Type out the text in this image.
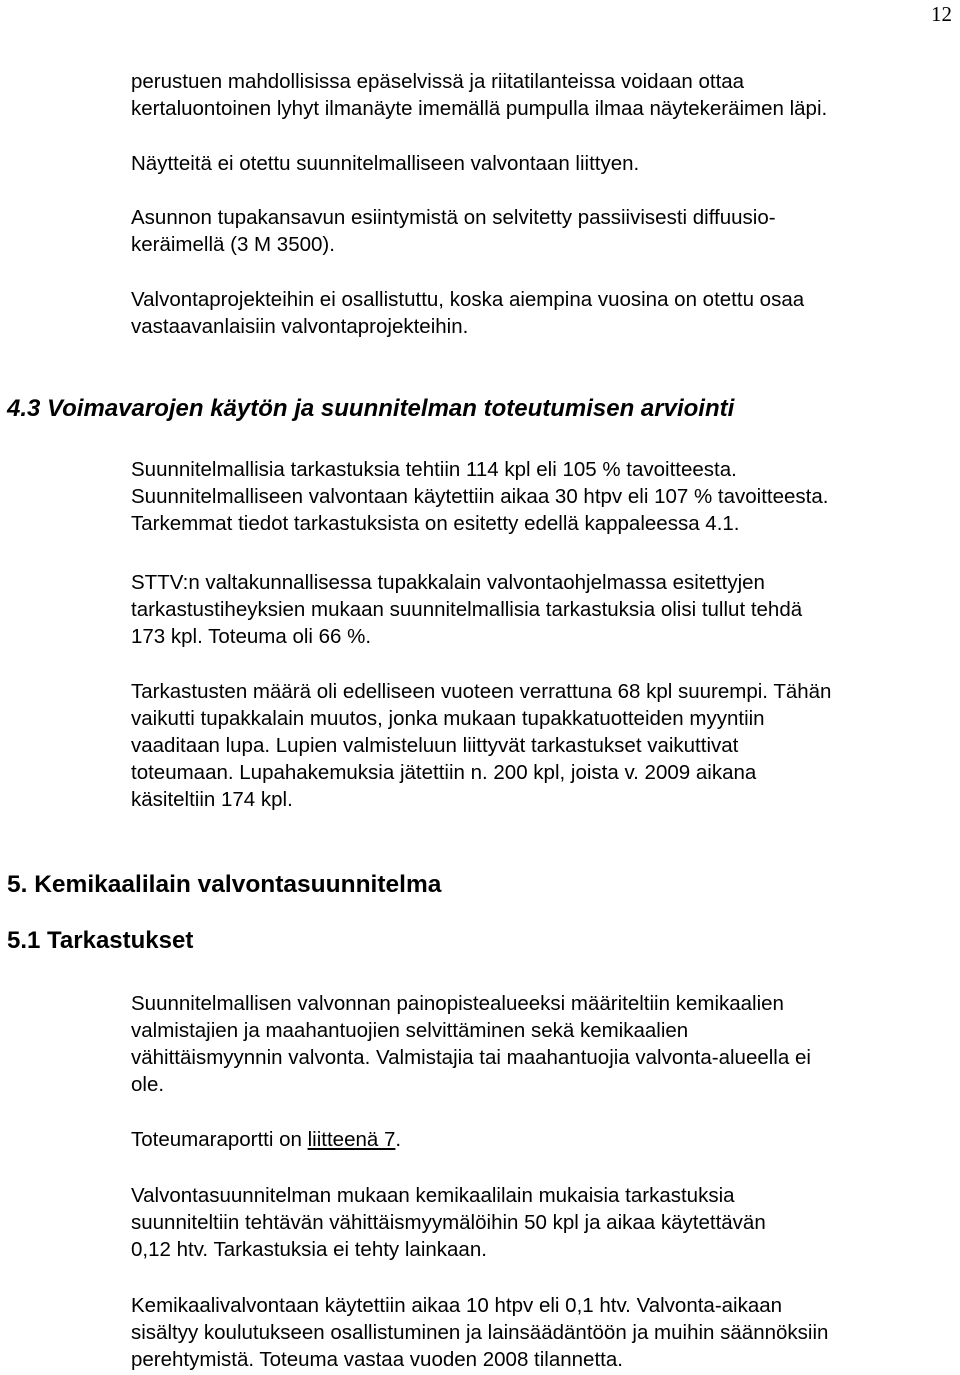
12

perustuen mahdollisissa epäselvissä ja riitatilanteissa voidaan ottaa
kertaluontoinen lyhyt ilmanäyte imemällä pumpulla ilmaa näytekeräimen läpi.

Näytteitä ei otettu suunnitelmalliseen valvontaan liittyen.

Asunnon tupakansavun esiintymistä on selvitetty passiivisesti diffuusio-
keräimellä (3 M 3500).

Valvontaprojekteihin ei osallistuttu, koska aiempina vuosina on otettu osaa
vastaavanlaisiin valvontaprojekteihin.

4.3 Voimavarojen käytön ja suunnitelman toteutumisen arviointi

Suunnitelmallisia tarkastuksia tehtiin 114 kpl eli 105 % tavoitteesta.
Suunnitelmalliseen valvontaan käytettiin aikaa 30 htpv eli 107 % tavoitteesta.
Tarkemmat tiedot tarkastuksista on esitetty edellä kappaleessa 4.1.

STTV:n valtakunnallisessa tupakkalain valvontaohjelmassa esitettyjen
tarkastustiheyksien mukaan suunnitelmallisia tarkastuksia olisi tullut tehdä
173 kpl. Toteuma oli 66 %.

Tarkastusten määrä oli edelliseen vuoteen verrattuna 68 kpl suurempi. Tähän
vaikutti tupakkalain muutos, jonka mukaan tupakkatuotteiden myyntiin
vaaditaan lupa. Lupien valmisteluun liittyvät tarkastukset vaikuttivat
toteumaan. Lupahakemuksia jätettiin n. 200 kpl, joista v. 2009 aikana
käsiteltiin 174 kpl.

5. Kemikaalilain valvontasuunnitelma
5.1 Tarkastukset

Suunnitelmallisen valvonnan painopistealueeksi määriteltiin kemikaalien
valmistajien ja maahantuojien selvittäminen sekä kemikaalien
vähittäismyynnin valvonta. Valmistajia tai maahantuojia valvonta-alueella ei
ole.

Toteumaraportti on liitteenä 7.

Valvontasuunnitelman mukaan kemikaalilain mukaisia tarkastuksia
suunniteltiin tehtävän vähittäismyymälöihin 50 kpl ja aikaa käytettävän
0,12 htv. Tarkastuksia ei tehty lainkaan.

Kemikaalivalvontaan käytettiin aikaa 10 htpv eli 0,1 htv. Valvonta-aikaan
sisältyy koulutukseen osallistuminen ja lainsäädäntöön ja muihin säännöksiin
perehtymistä. Toteuma vastaa vuoden 2008 tilannetta.
